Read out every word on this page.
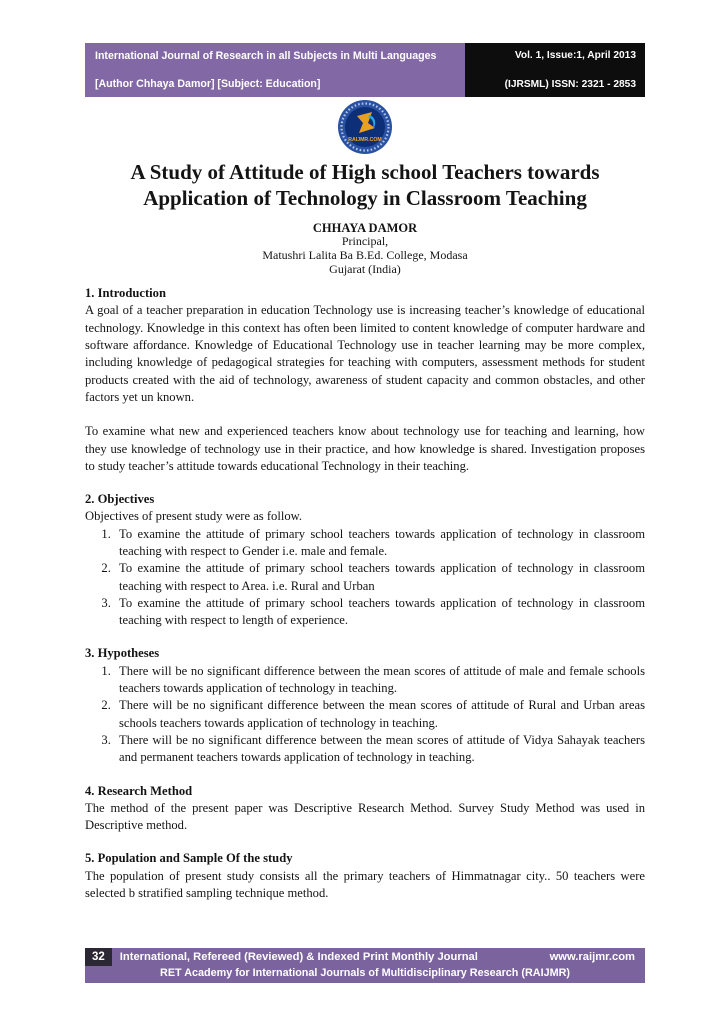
International Journal of Research in all Subjects in Multi Languages
[Author Chhaya Damor] [Subject: Education]
Vol. 1, Issue:1, April 2013
(IJRSML) ISSN: 2321 - 2853
RAIJMR.COM
A Study of Attitude of High school Teachers towards Application of Technology in Classroom Teaching
CHHAYA DAMOR
Principal,
Matushri Lalita Ba B.Ed. College, Modasa
Gujarat (India)
1. Introduction

A goal of a teacher preparation in education Technology use is increasing teacher’s knowledge of educational technology. Knowledge in this context has often been limited to content knowledge of computer hardware and software affordance. Knowledge of Educational Technology use in teacher learning may be more complex, including knowledge of pedagogical strategies for teaching with computers, assessment methods for student products created with the aid of technology, awareness of student capacity and common obstacles, and other factors yet un known.

To examine what new and experienced teachers know about technology use for teaching and learning, how they use knowledge of technology use in their practice, and how knowledge is shared. Investigation proposes to study teacher’s attitude towards educational Technology in their teaching.

2. Objectives

Objectives of present study were as follow.

1. To examine the attitude of primary school teachers towards application of technology in classroom teaching with respect to Gender i.e. male and female.
2. To examine the attitude of primary school teachers towards application of technology in classroom teaching with respect to Area. i.e. Rural and Urban
3. To examine the attitude of primary school teachers towards application of technology in classroom teaching with respect to length of experience.
3. Hypotheses
1. There will be no significant difference between the mean scores of attitude of male and female schools teachers towards application of technology in teaching.
2. There will be no significant difference between the mean scores of attitude of Rural and Urban areas schools teachers towards application of technology in teaching.
3. There will be no significant difference between the mean scores of attitude of Vidya Sahayak teachers and permanent teachers towards application of technology in teaching.
4. Research Method

The method of the present paper was Descriptive Research Method. Survey Study Method was used in Descriptive method.

5. Population and Sample Of the study

The population of present study consists all the primary teachers of Himmatnagar city.. 50 teachers were selected b stratified sampling technique method.

32	International, Refereed (Reviewed) & Indexed Print Monthly Journal	www.raijmr.com
RET Academy for International Journals of Multidisciplinary Research (RAIJMR)
